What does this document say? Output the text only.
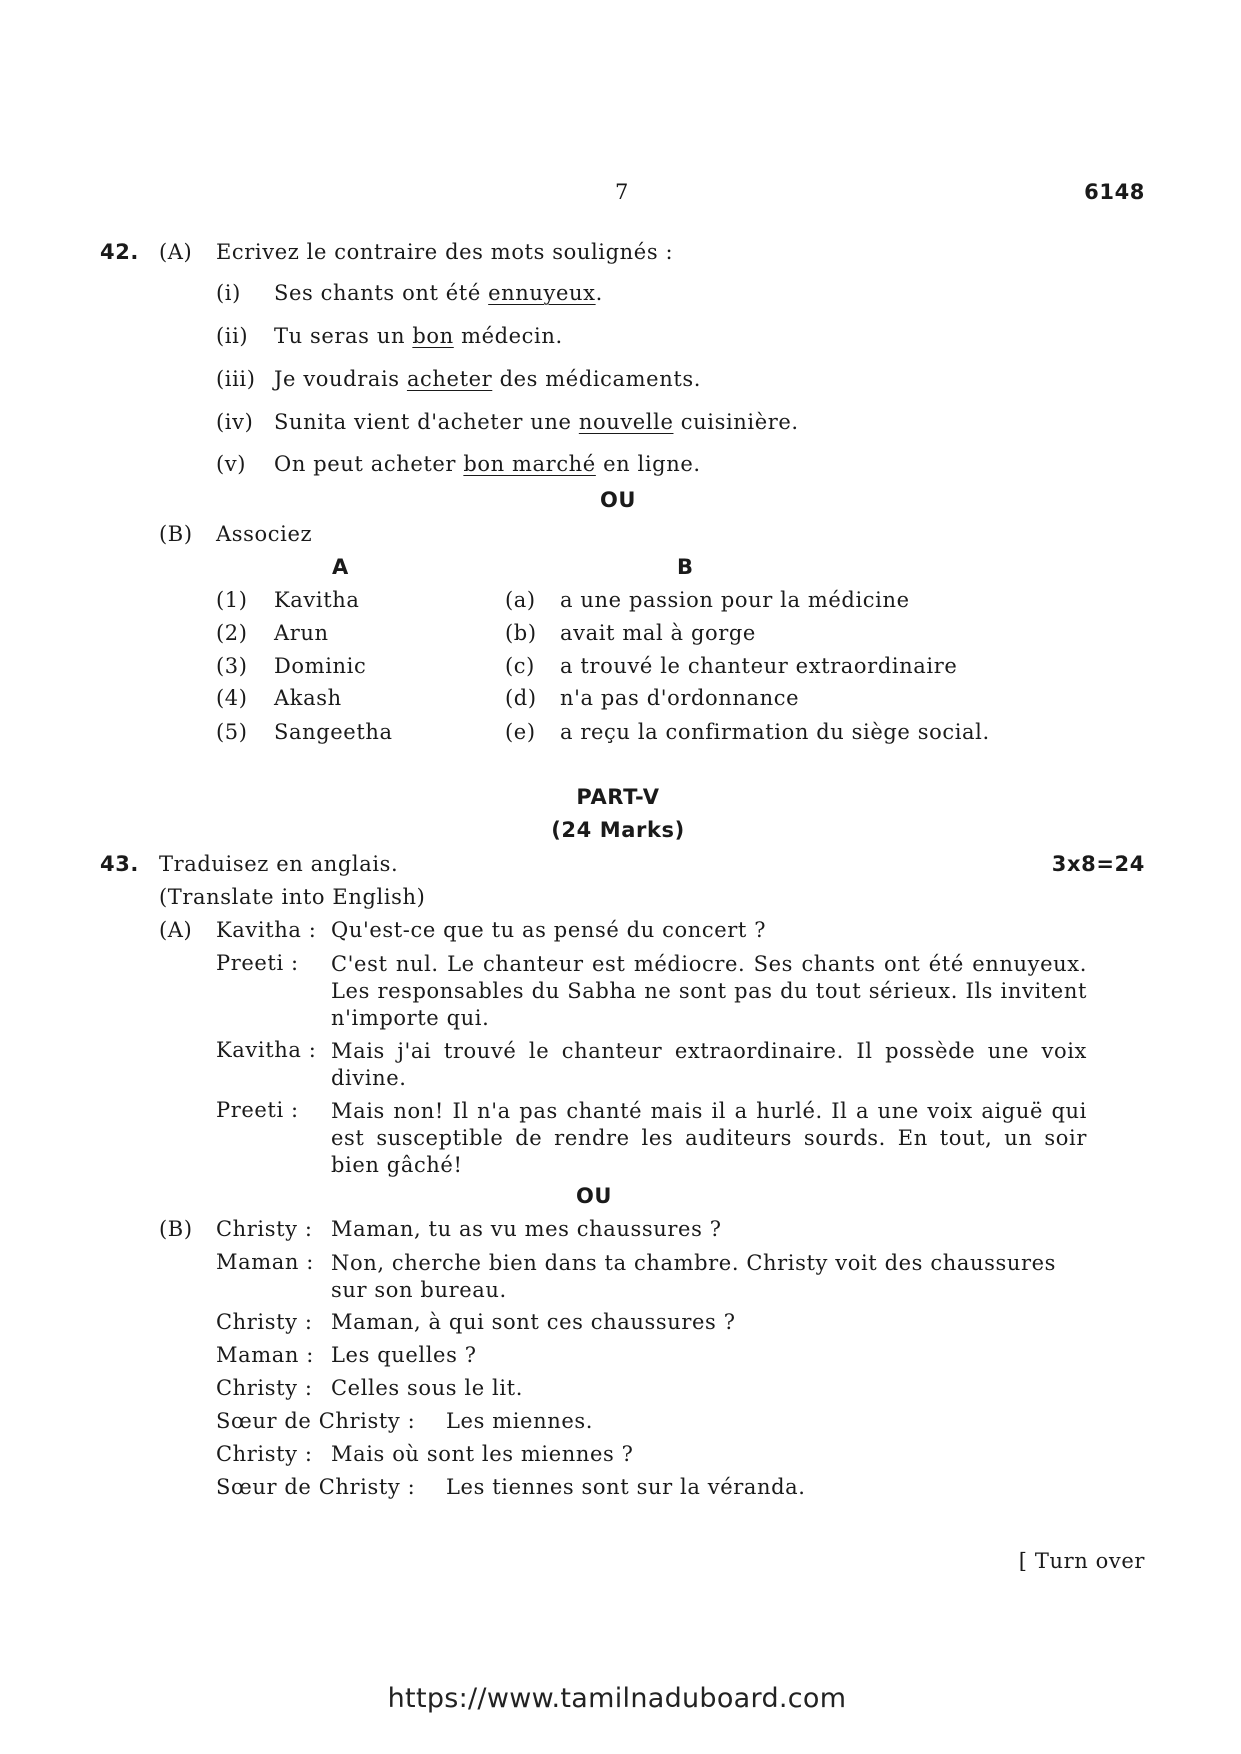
7	6148
42. (A) Ecrivez le contraire des mots soulignés :
(i) Ses chants ont été ennuyeux.
(ii) Tu seras un bon médecin.
(iii) Je voudrais acheter des médicaments.
(iv) Sunita vient d'acheter une nouvelle cuisinière.
(v) On peut acheter bon marché en ligne.
OU
(B) Associez
A	B
(1) Kavitha	(a) a une passion pour la médicine
(2) Arun	(b) avait mal à gorge
(3) Dominic	(c) a trouvé le chanteur extraordinaire
(4) Akash	(d) n'a pas d'ordonnance
(5) Sangeetha	(e) a reçu la confirmation du siège social.
PART-V
(24 Marks)
43. Traduisez en anglais.	3x8=24
(Translate into English)
(A) Kavitha : Qu'est-ce que tu as pensé du concert ?
Preeti : C'est nul. Le chanteur est médiocre. Ses chants ont été ennuyeux. Les responsables du Sabha ne sont pas du tout sérieux. Ils invitent n'importe qui.
Kavitha : Mais j'ai trouvé le chanteur extraordinaire. Il possède une voix divine.
Preeti : Mais non! Il n'a pas chanté mais il a hurlé. Il a une voix aiguë qui est susceptible de rendre les auditeurs sourds. En tout, un soir bien gâché!
OU
(B) Christy : Maman, tu as vu mes chaussures ?
Maman : Non, cherche bien dans ta chambre. Christy voit des chaussures sur son bureau.
Christy : Maman, à qui sont ces chaussures ?
Maman : Les quelles ?
Christy : Celles sous le lit.
Sœur de Christy : Les miennes.
Christy : Mais où sont les miennes ?
Sœur de Christy : Les tiennes sont sur la véranda.
[ Turn over
https://www.tamilnaduboard.com
